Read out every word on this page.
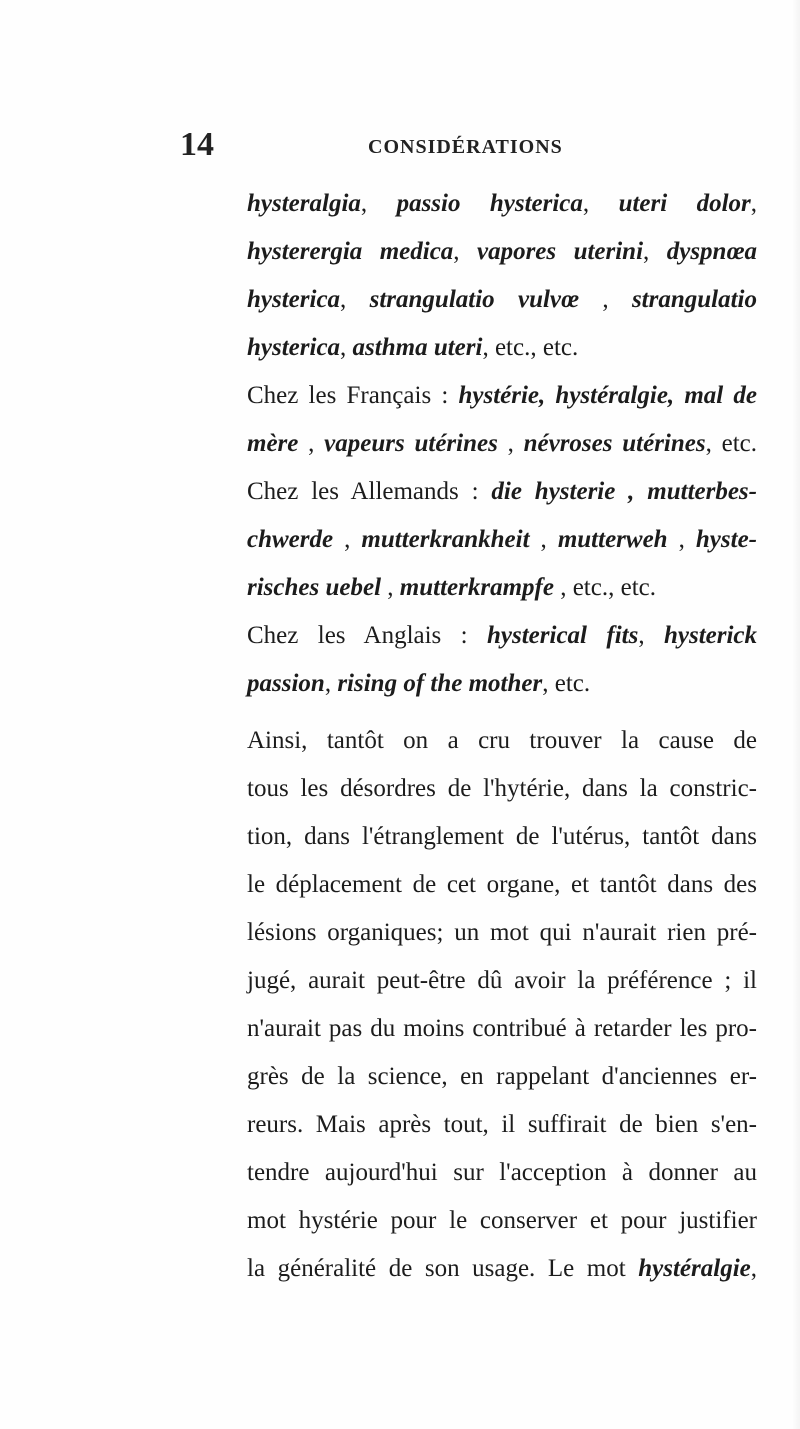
14	CONSIDÉRATIONS
hysteralgia, passio hysterica, uteri dolor,
hysterergia medica, vapores uterini, dyspnœa
hysterica, strangulatio vulvœ , strangulatio
hysterica, asthma uteri, etc., etc.
Chez les Français : hystérie, hystéralgie, mal de
mère , vapeurs utérines , névroses utérines, etc.
Chez les Allemands : die hysterie , mutterbes-
chwerde , mutterkrankheit , mutterweh , hyste-
risches uebel , mutterkrampfe , etc., etc.
Chez les Anglais : hysterical fits, hysterick
passion, rising of the mother, etc.
Ainsi, tantôt on a cru trouver la cause de
tous les désordres de l'hytérie, dans la constric-
tion, dans l'étranglement de l'utérus, tantôt dans
le déplacement de cet organe, et tantôt dans des
lésions organiques; un mot qui n'aurait rien pré-
jugé, aurait peut-être dû avoir la préférence ; il
n'aurait pas du moins contribué à retarder les pro-
grès de la science, en rappelant d'anciennes er-
reurs. Mais après tout, il suffirait de bien s'en-
tendre aujourd'hui sur l'acception à donner au
mot hystérie pour le conserver et pour justifier
la généralité de son usage. Le mot hystéralgie,
